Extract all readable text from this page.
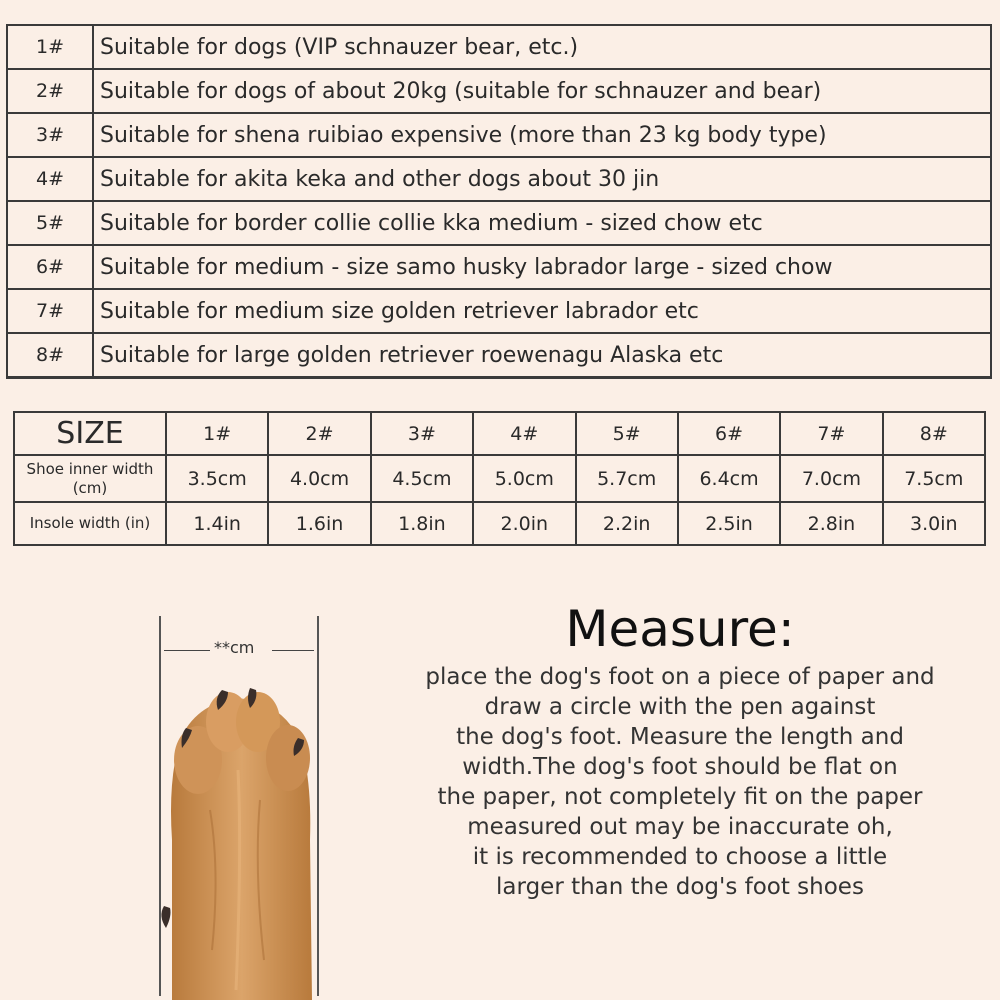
1#	Suitable for dogs (VIP schnauzer bear, etc.)
2#	Suitable for dogs of about 20kg (suitable for schnauzer and bear)
3#	Suitable for shena ruibiao expensive (more than 23 kg body type)
4#	Suitable for akita keka and other dogs about 30 jin
5#	Suitable for border collie collie kka medium - sized chow etc
6#	Suitable for medium - size samo husky labrador large - sized chow
7#	Suitable for medium size golden retriever labrador etc
8#	Suitable for large golden retriever roewenagu Alaska etc
SIZE	1#	2#	3#	4#	5#	6#	7#	8#
Shoe inner width (cm)	3.5cm	4.0cm	4.5cm	5.0cm	5.7cm	6.4cm	7.0cm	7.5cm
Insole width (in)	1.4in	1.6in	1.8in	2.0in	2.2in	2.5in	2.8in	3.0in
**cm	Measure:
place the dog's foot on a piece of paper and
draw a circle with the pen against
the dog's foot. Measure the length and
width.The dog's foot should be flat on
the paper, not completely fit on the paper
measured out may be inaccurate oh,
it is recommended to choose a little
larger than the dog's foot shoes
